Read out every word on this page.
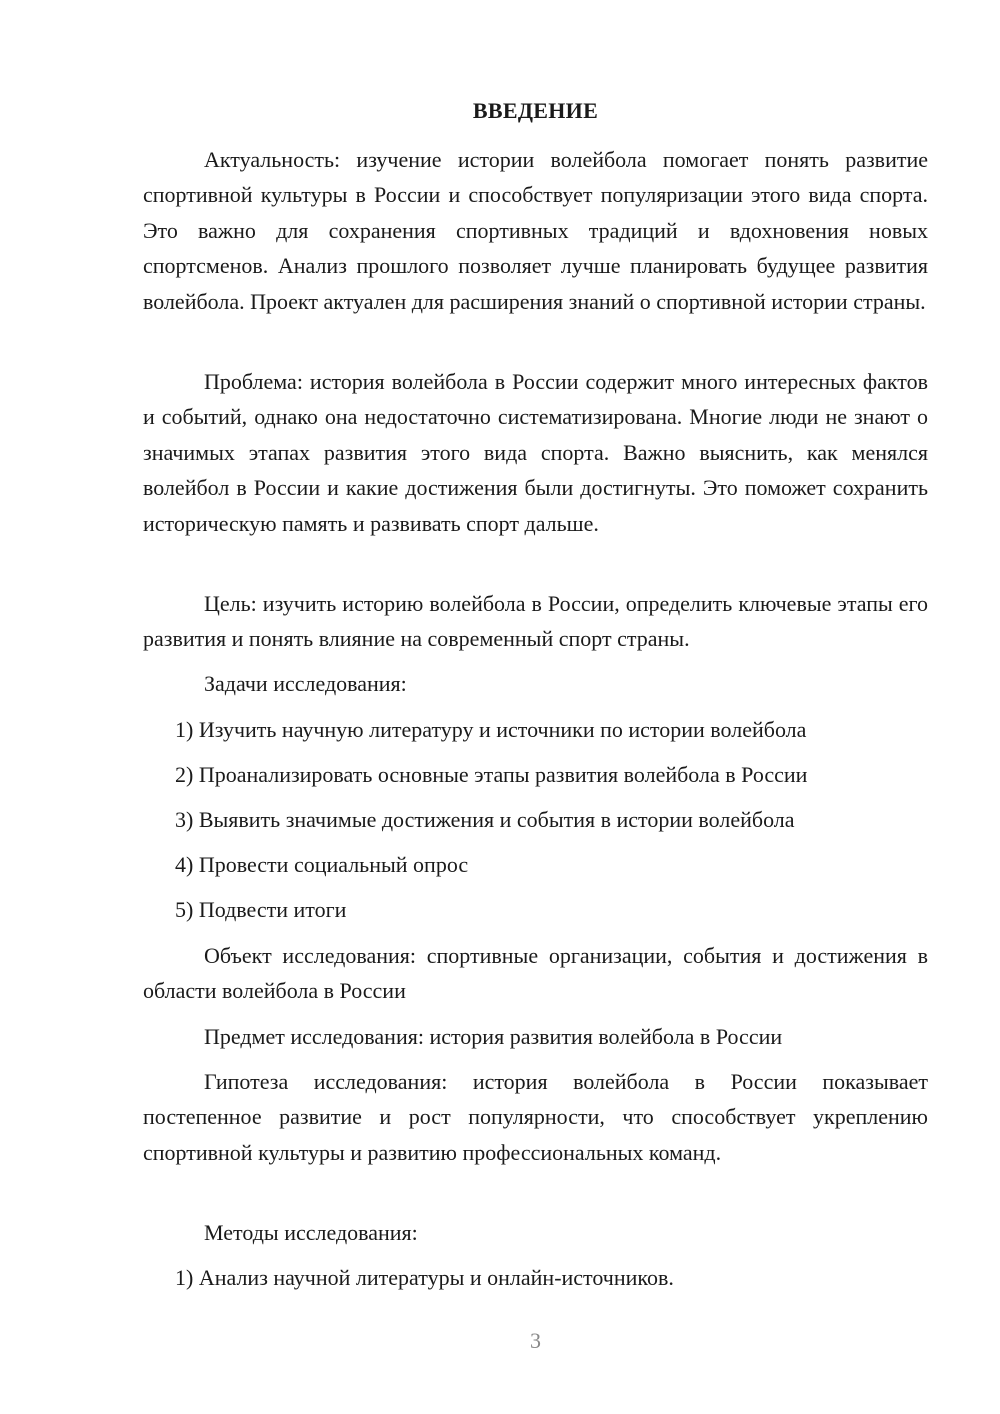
ВВЕДЕНИЕ

Актуальность: изучение истории волейбола помогает понять развитие спортивной культуры в России и способствует популяризации этого вида спорта. Это важно для сохранения спортивных традиций и вдохновения новых спортсменов. Анализ прошлого позволяет лучше планировать будущее развития волейбола. Проект актуален для расширения знаний о спортивной истории страны.

Проблема: история волейбола в России содержит много интересных фактов и событий, однако она недостаточно систематизирована. Многие люди не знают о значимых этапах развития этого вида спорта. Важно выяснить, как менялся волейбол в России и какие достижения были достигнуты. Это поможет сохранить историческую память и развивать спорт дальше.

Цель: изучить историю волейбола в России, определить ключевые этапы его развития и понять влияние на современный спорт страны.

Задачи исследования:
1) Изучить научную литературу и источники по истории волейбола
2) Проанализировать основные этапы развития волейбола в России
3) Выявить значимые достижения и события в истории волейбола
4) Провести социальный опрос
5) Подвести итоги

Объект исследования: спортивные организации, события и достижения в области волейбола в России

Предмет исследования: история развития волейбола в России

Гипотеза исследования: история волейбола в России показывает постепенное развитие и рост популярности, что способствует укреплению спортивной культуры и развитию профессиональных команд.

Методы исследования:
1) Анализ научной литературы и онлайн-источников.
3
